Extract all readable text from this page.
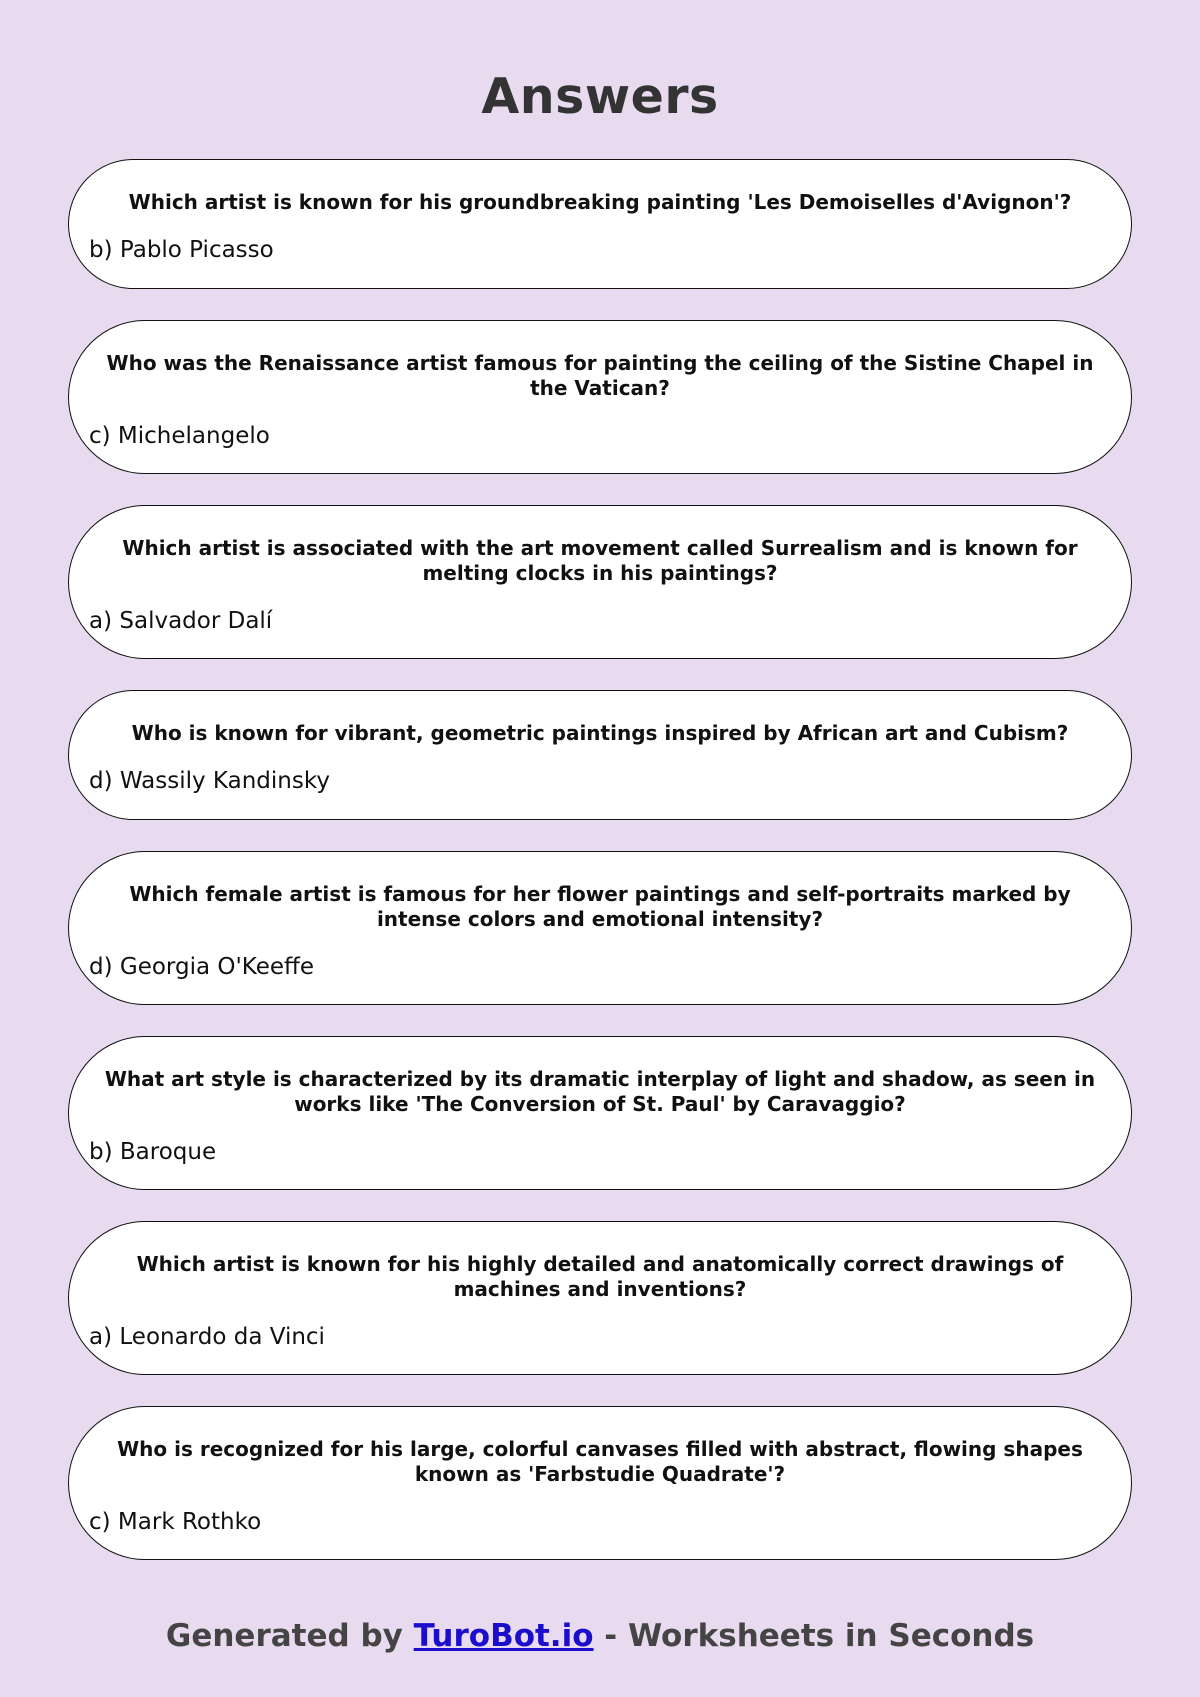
Answers

Which artist is known for his groundbreaking painting 'Les Demoiselles d'Avignon'?

b) Pablo Picasso

Who was the Renaissance artist famous for painting the ceiling of the Sistine Chapel in the Vatican?

c) Michelangelo

Which artist is associated with the art movement called Surrealism and is known for melting clocks in his paintings?

a) Salvador Dalí

Who is known for vibrant, geometric paintings inspired by African art and Cubism?

d) Wassily Kandinsky

Which female artist is famous for her flower paintings and self-portraits marked by intense colors and emotional intensity?

d) Georgia O'Keeffe

What art style is characterized by its dramatic interplay of light and shadow, as seen in works like 'The Conversion of St. Paul' by Caravaggio?

b) Baroque

Which artist is known for his highly detailed and anatomically correct drawings of machines and inventions?

a) Leonardo da Vinci

Who is recognized for his large, colorful canvases filled with abstract, flowing shapes known as 'Farbstudie Quadrate'?

c) Mark Rothko
Generated by TuroBot.io - Worksheets in Seconds
